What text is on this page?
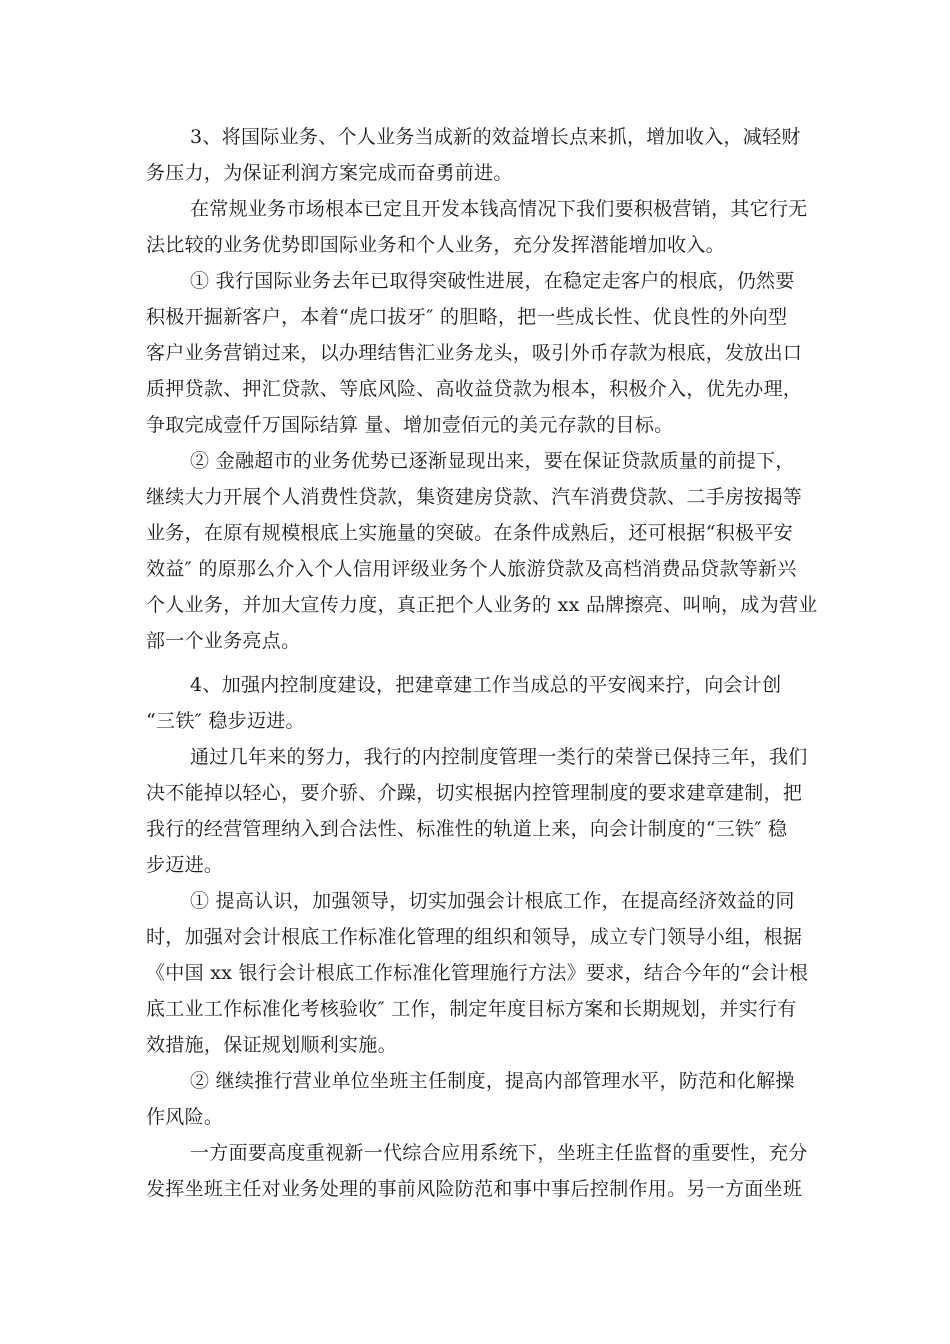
3、将国际业务、个人业务当成新的效益增长点来抓，增加收入，减轻财
务压力，为保证利润方案完成而奋勇前进。
在常规业务市场根本已定且开发本钱高情况下我们要积极营销，其它行无
法比较的业务优势即国际业务和个人业务，充分发挥潜能增加收入。
① 我行国际业务去年已取得突破性进展，在稳定走客户的根底，仍然要
积极开掘新客户，本着“虎口拔牙″ 的胆略，把一些成长性、优良性的外向型
客户业务营销过来，以办理结售汇业务龙头，吸引外币存款为根底，发放出口
质押贷款、押汇贷款、等底风险、高收益贷款为根本，积极介入，优先办理，
争取完成壹仟万国际结算 量、增加壹佰元的美元存款的目标。
② 金融超市的业务优势已逐渐显现出来，要在保证贷款质量的前提下，
继续大力开展个人消费性贷款，集资建房贷款、汽车消费贷款、二手房按揭等
业务，在原有规模根底上实施量的突破。在条件成熟后，还可根据“积极平安
效益″ 的原那么介入个人信用评级业务个人旅游贷款及高档消费品贷款等新兴
个人业务，并加大宣传力度，真正把个人业务的 xx 品牌擦亮、叫响，成为营业
部一个业务亮点。
4、加强内控制度建设，把建章建工作当成总的平安阀来拧，向会计创
“三铁″ 稳步迈进。
通过几年来的努力，我行的内控制度管理一类行的荣誉已保持三年，我们
决不能掉以轻心，要介骄、介躁，切实根据内控管理制度的要求建章建制，把
我行的经营管理纳入到合法性、标准性的轨道上来，向会计制度的“三铁″ 稳
步迈进。
① 提高认识，加强领导，切实加强会计根底工作，在提高经济效益的同
时，加强对会计根底工作标准化管理的组织和领导，成立专门领导小组，根据
《中国 xx 银行会计根底工作标准化管理施行方法》要求，结合今年的“会计根
底工业工作标准化考核验收″ 工作，制定年度目标方案和长期规划，并实行有
效措施，保证规划顺利实施。
② 继续推行营业单位坐班主任制度，提高内部管理水平，防范和化解操
作风险。
一方面要高度重视新一代综合应用系统下，坐班主任监督的重要性，充分
发挥坐班主任对业务处理的事前风险防范和事中事后控制作用。另一方面坐班
